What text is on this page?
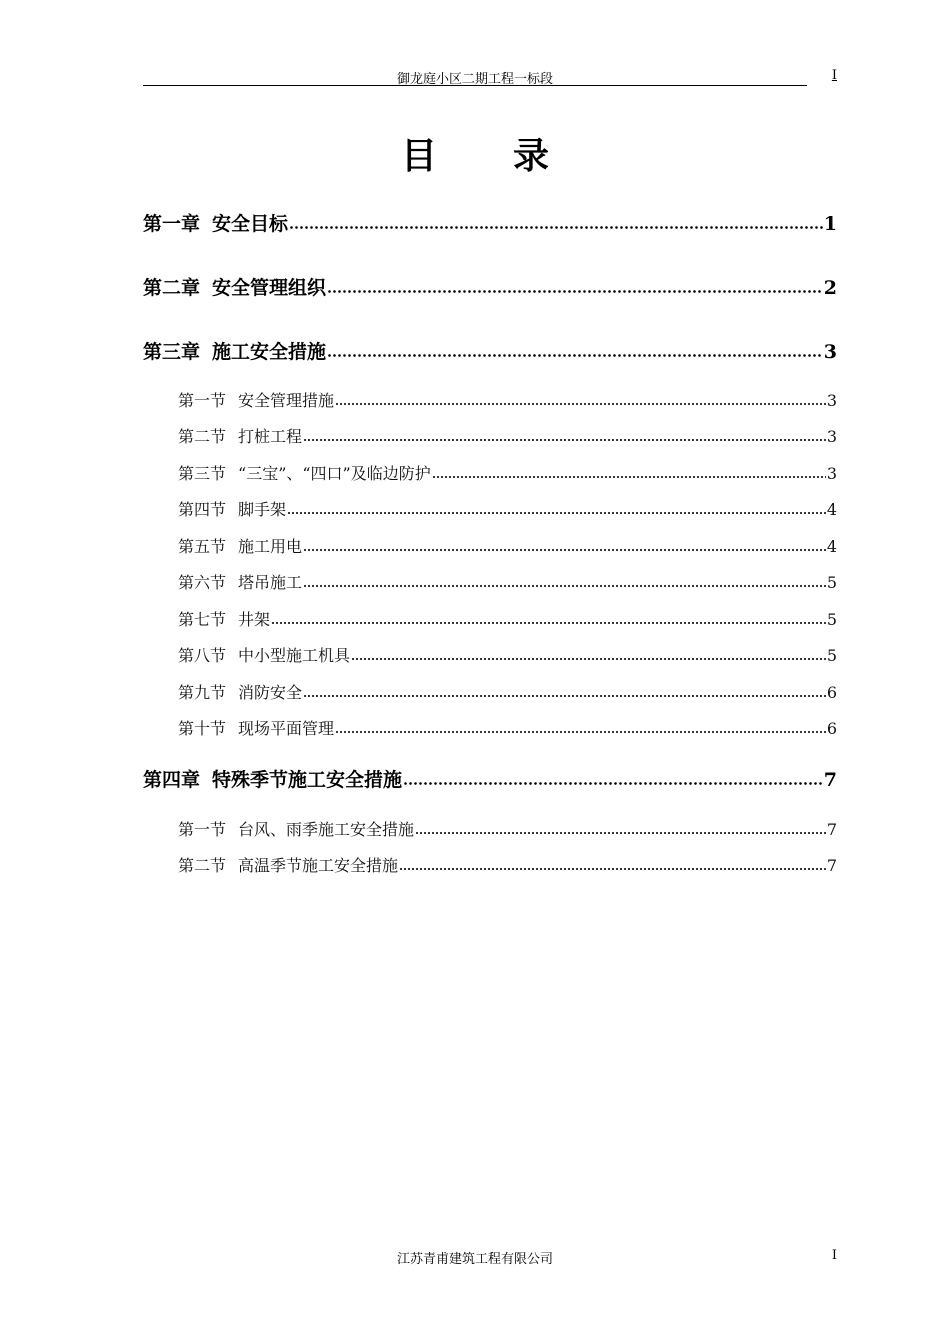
御龙庭小区二期工程一标段	I
目录
第一章 安全目标	1
第二章 安全管理组织	2
第三章 施工安全措施	3
第一节 安全管理措施	3
第二节 打桩工程	3
第三节 “三宝”、“四口”及临边防护	3
第四节 脚手架	4
第五节 施工用电	4
第六节 塔吊施工	5
第七节 井架	5
第八节 中小型施工机具	5
第九节 消防安全	6
第十节 现场平面管理	6
第四章 特殊季节施工安全措施	7
第一节 台风、雨季施工安全措施	7
第二节 高温季节施工安全措施	7
江苏青甫建筑工程有限公司	I
